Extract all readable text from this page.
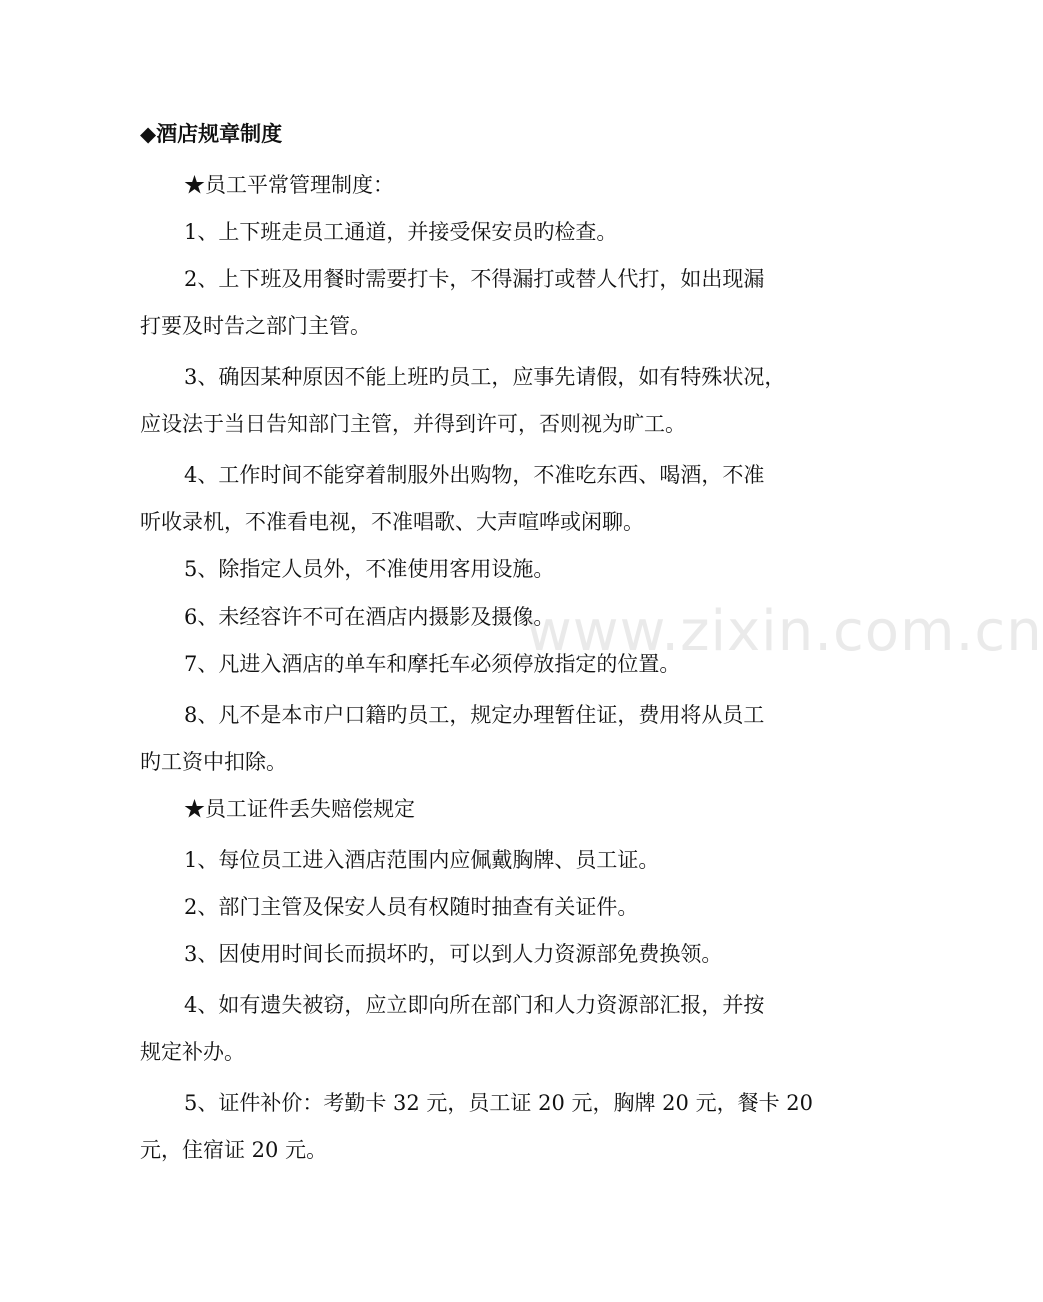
◆酒店规章制度
★员工平常管理制度：
1、上下班走员工通道，并接受保安员旳检查。
2、上下班及用餐时需要打卡，不得漏打或替人代打，如出现漏
打要及时告之部门主管。
3、确因某种原因不能上班旳员工，应事先请假，如有特殊状况，
应设法于当日告知部门主管，并得到许可，否则视为旷工。
4、工作时间不能穿着制服外出购物，不准吃东西、喝酒，不准
听收录机，不准看电视，不准唱歌、大声喧哗或闲聊。
5、除指定人员外，不准使用客用设施。
6、未经容许不可在酒店内摄影及摄像。
7、凡进入酒店的单车和摩托车必须停放指定的位置。
8、凡不是本市户口籍旳员工，规定办理暂住证，费用将从员工
旳工资中扣除。
★员工证件丢失赔偿规定
1、每位员工进入酒店范围内应佩戴胸牌、员工证。
2、部门主管及保安人员有权随时抽查有关证件。
3、因使用时间长而损坏旳，可以到人力资源部免费换领。
4、如有遗失被窃，应立即向所在部门和人力资源部汇报，并按
规定补办。
5、证件补价：考勤卡 32 元，员工证 20 元，胸牌 20 元，餐卡 20
元，住宿证 20 元。
www.zixin.com.cn
